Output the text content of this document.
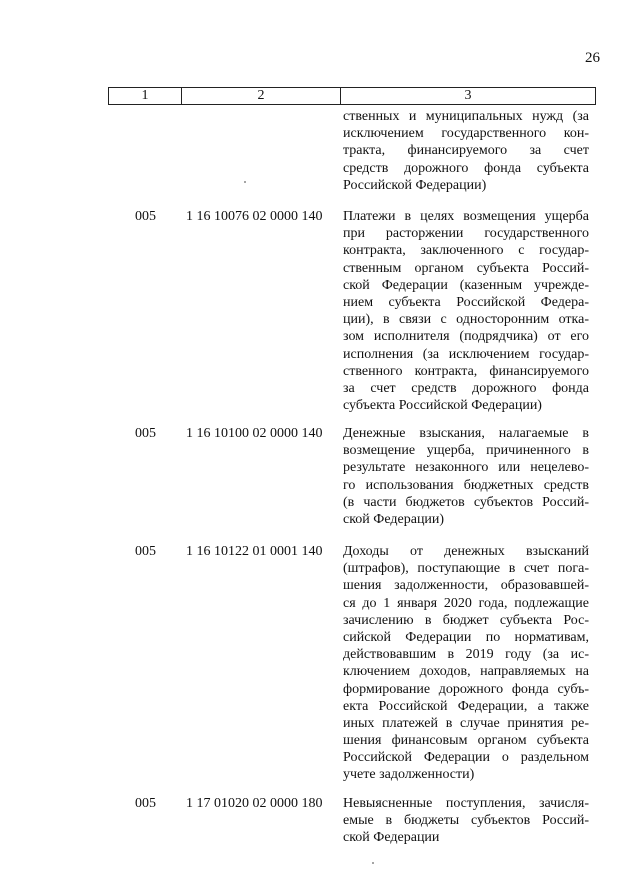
26
1	2	3
ственных и муниципальных нужд (за
исключением государственного кон-
тракта, финансируемого за счет
средств дорожного фонда субъекта
Российской Федерации)
005	1 16 10076 02 0000 140	Платежи в целях возмещения ущерба
при расторжении государственного
контракта, заключенного с государ-
ственным органом субъекта Россий-
ской Федерации (казенным учрежде-
нием субъекта Российской Федера-
ции), в связи с односторонним отка-
зом исполнителя (подрядчика) от его
исполнения (за исключением государ-
ственного контракта, финансируемого
за счет средств дорожного фонда
субъекта Российской Федерации)
005	1 16 10100 02 0000 140	Денежные взыскания, налагаемые в
возмещение ущерба, причиненного в
результате незаконного или нецелево-
го использования бюджетных средств
(в части бюджетов субъектов Россий-
ской Федерации)
005	1 16 10122 01 0001 140	Доходы от денежных взысканий
(штрафов), поступающие в счет пога-
шения задолженности, образовавшей-
ся до 1 января 2020 года, подлежащие
зачислению в бюджет субъекта Рос-
сийской Федерации по нормативам,
действовавшим в 2019 году (за ис-
ключением доходов, направляемых на
формирование дорожного фонда субъ-
екта Российской Федерации, а также
иных платежей в случае принятия ре-
шения финансовым органом субъекта
Российской Федерации о раздельном
учете задолженности)
005	1 17 01020 02 0000 180	Невыясненные поступления, зачисля-
емые в бюджеты субъектов Россий-
ской Федерации
